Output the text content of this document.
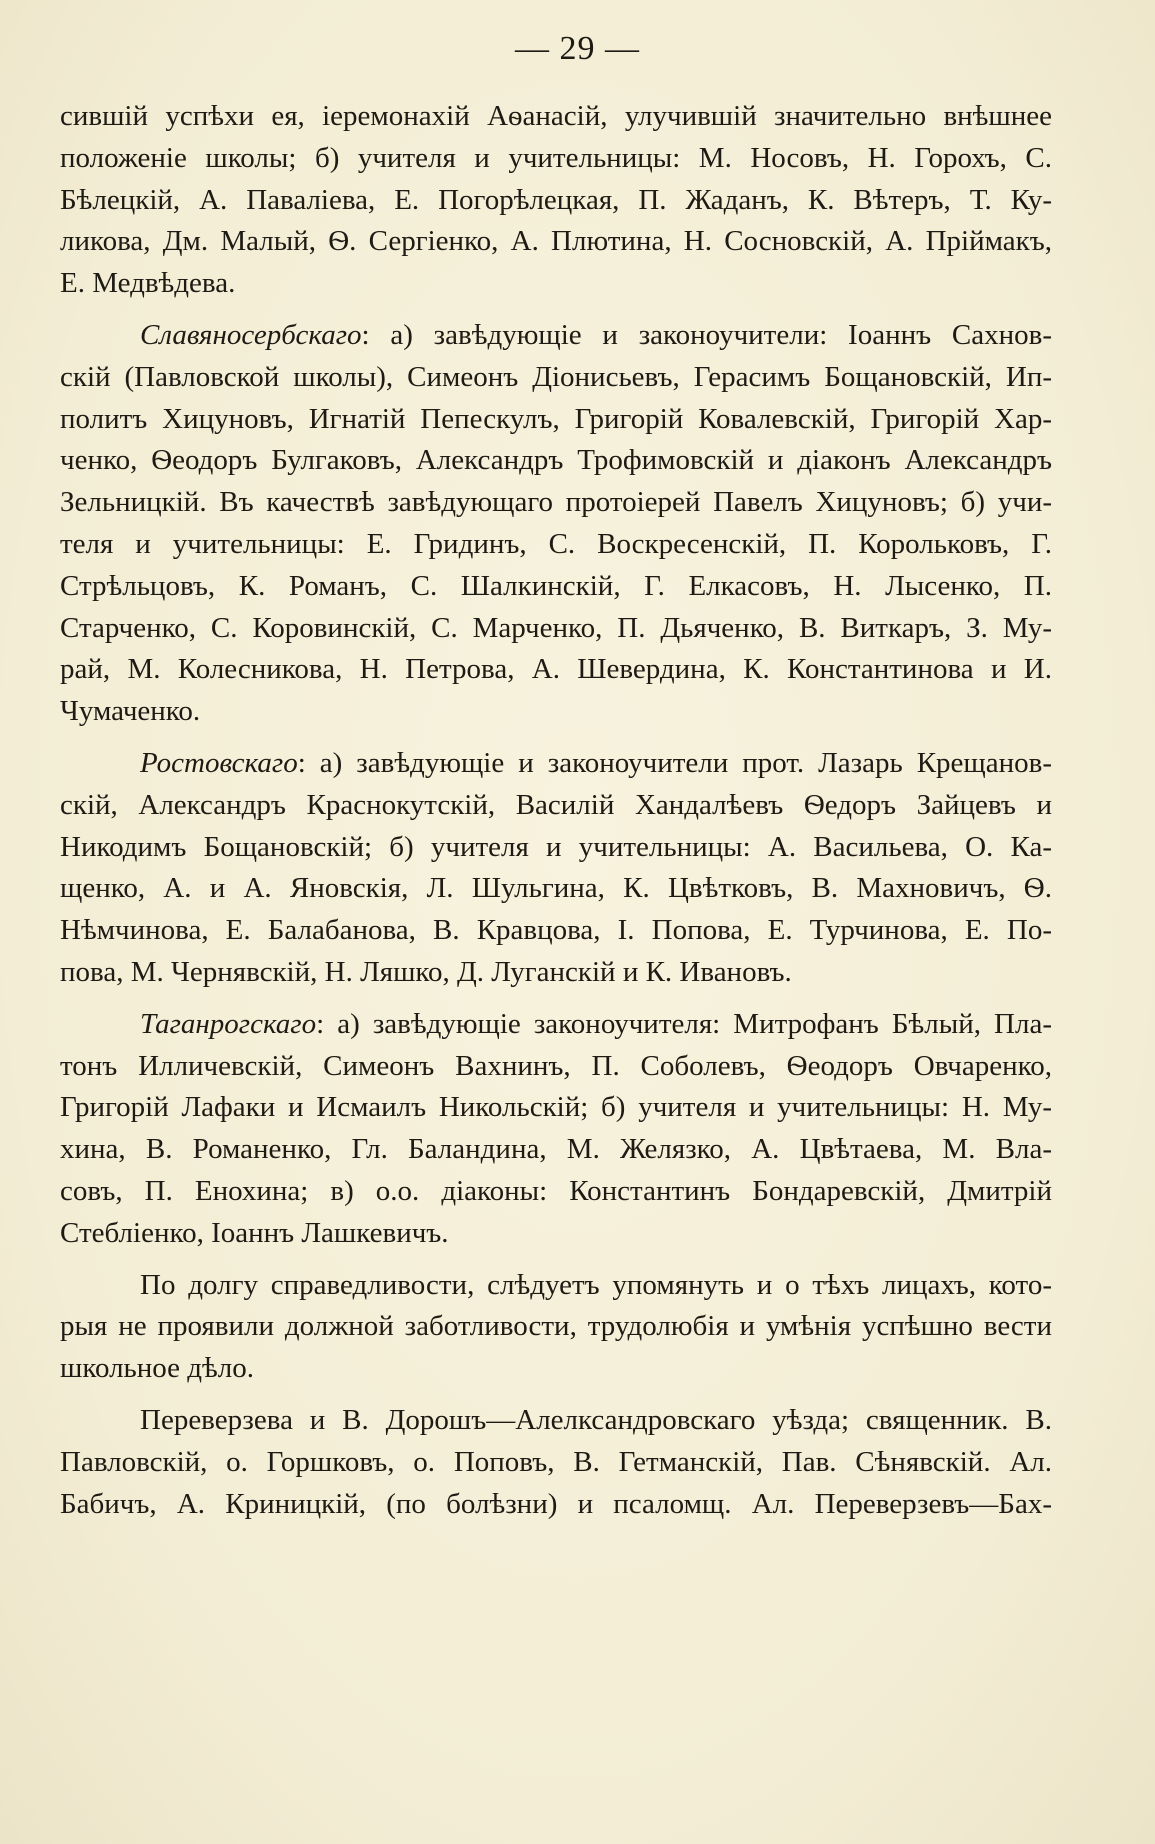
— 29 —
сившій успѣхи ея, іеремонахій Аѳанасій, улучившій значительно внѣшнее
положеніе школы; б) учителя и учительницы: М. Носовъ, Н. Горохъ, С.
Бѣлецкій, А. Паваліева, Е. Погорѣлецкая, П. Жаданъ, К. Вѣтеръ, Т. Ку-
ликова, Дм. Малый, Ѳ. Сергіенко, А. Плютина, Н. Сосновскій, А. Пріймакъ,
Е. Медвѣдева.
Славяносербскаго: а) завѣдующіе и законоучители: Іоаннъ Сахнов-
скій (Павловской школы), Симеонъ Діонисьевъ, Герасимъ Бощановскій, Ип-
политъ Хицуновъ, Игнатій Пепескулъ, Григорій Ковалевскій, Григорій Хар-
ченко, Ѳеодоръ Булгаковъ, Александръ Трофимовскій и діаконъ Александръ
Зельницкій. Въ качествѣ завѣдующаго протоіерей Павелъ Хицуновъ; б) учи-
теля и учительницы: Е. Гридинъ, С. Воскресенскій, П. Корольковъ, Г.
Стрѣльцовъ, К. Романъ, С. Шалкинскій, Г. Елкасовъ, Н. Лысенко, П.
Старченко, С. Коровинскій, С. Марченко, П. Дьяченко, В. Виткаръ, З. Му-
рай, М. Колесникова, Н. Петрова, А. Шевердина, К. Константинова и И.
Чумаченко.
Ростовскаго: а) завѣдующіе и законоучители прот. Лазарь Крещанов-
скій, Александръ Краснокутскій, Василій Хандалѣевъ Ѳедоръ Зайцевъ и
Никодимъ Бощановскій; б) учителя и учительницы: А. Васильева, О. Ка-
щенко, А. и А. Яновскія, Л. Шульгина, К. Цвѣтковъ, В. Махновичъ, Ѳ.
Нѣмчинова, Е. Балабанова, В. Кравцова, І. Попова, Е. Турчинова, Е. По-
пова, М. Чернявскій, Н. Ляшко, Д. Луганскій и К. Ивановъ.
Таганрогскаго: а) завѣдующіе законоучителя: Митрофанъ Бѣлый, Пла-
тонъ Илличевскій, Симеонъ Вахнинъ, П. Соболевъ, Ѳеодоръ Овчаренко,
Григорій Лафаки и Исмаилъ Никольскій; б) учителя и учительницы: Н. Му-
хина, В. Романенко, Гл. Баландина, М. Желязко, А. Цвѣтаева, М. Вла-
совъ, П. Енохина; в) о.о. діаконы: Константинъ Бондаревскій, Дмитрій
Стебліенко, Іоаннъ Лашкевичъ.
По долгу справедливости, слѣдуетъ упомянуть и о тѣхъ лицахъ, кото-
рыя не проявили должной заботливости, трудолюбія и умѣнія успѣшно вести
школьное дѣло.
Переверзева и В. Дорошъ—Алелксандровскаго уѣзда; священник. В.
Павловскій, о. Горшковъ, о. Поповъ, В. Гетманскій, Пав. Сѣнявскій. Ал.
Бабичъ, А. Криницкій, (по болѣзни) и псаломщ. Ал. Переверзевъ—Бах-
